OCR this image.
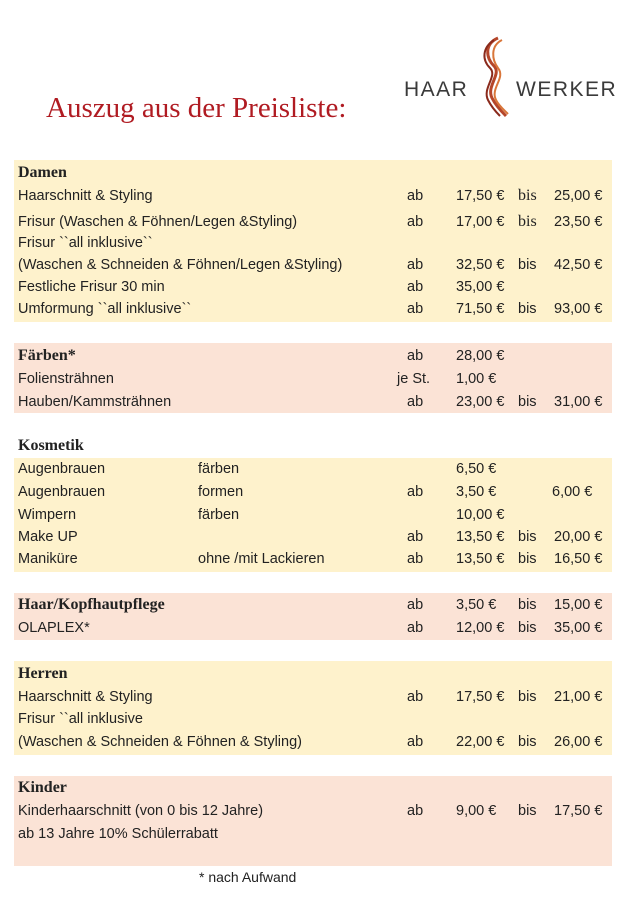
Auszug aus der Preisliste:
HAAR WERKER
Damen
Haarschnitt & Styling	ab 17,50 € bis 25,00 €
Frisur (Waschen & Föhnen/Legen &Styling)	ab 17,00 € bis 23,50 €
Frisur ``all inklusive``
(Waschen & Schneiden & Föhnen/Legen &Styling)	ab 32,50 € bis 42,50 €
Festliche Frisur 30 min	ab 35,00 €
Umformung ``all inklusive``	ab 71,50 € bis 93,00 €
Färben*	ab 28,00 €
Foliensträhnen	je St. 1,00 €
Hauben/Kammsträhnen	ab 23,00 € bis 31,00 €
Kosmetik
Augenbrauen	färben	6,50 €
Augenbrauen	formen	ab 3,50 €	6,00 €
Wimpern	färben	10,00 €
Make UP	ab 13,50 € bis 20,00 €
Maniküre	ohne /mit Lackieren	ab 13,50 € bis 16,50 €
Haar/Kopfhautpflege	ab 3,50 € bis 15,00 €
OLAPLEX*	ab 12,00 € bis 35,00 €
Herren
Haarschnitt & Styling	ab 17,50 € bis 21,00 €
Frisur ``all inklusive
(Waschen & Schneiden & Föhnen & Styling)	ab 22,00 € bis 26,00 €
Kinder
Kinderhaarschnitt (von 0 bis 12 Jahre)	ab 9,00 € bis 17,50 €
ab 13 Jahre 10% Schülerrabatt
* nach Aufwand
